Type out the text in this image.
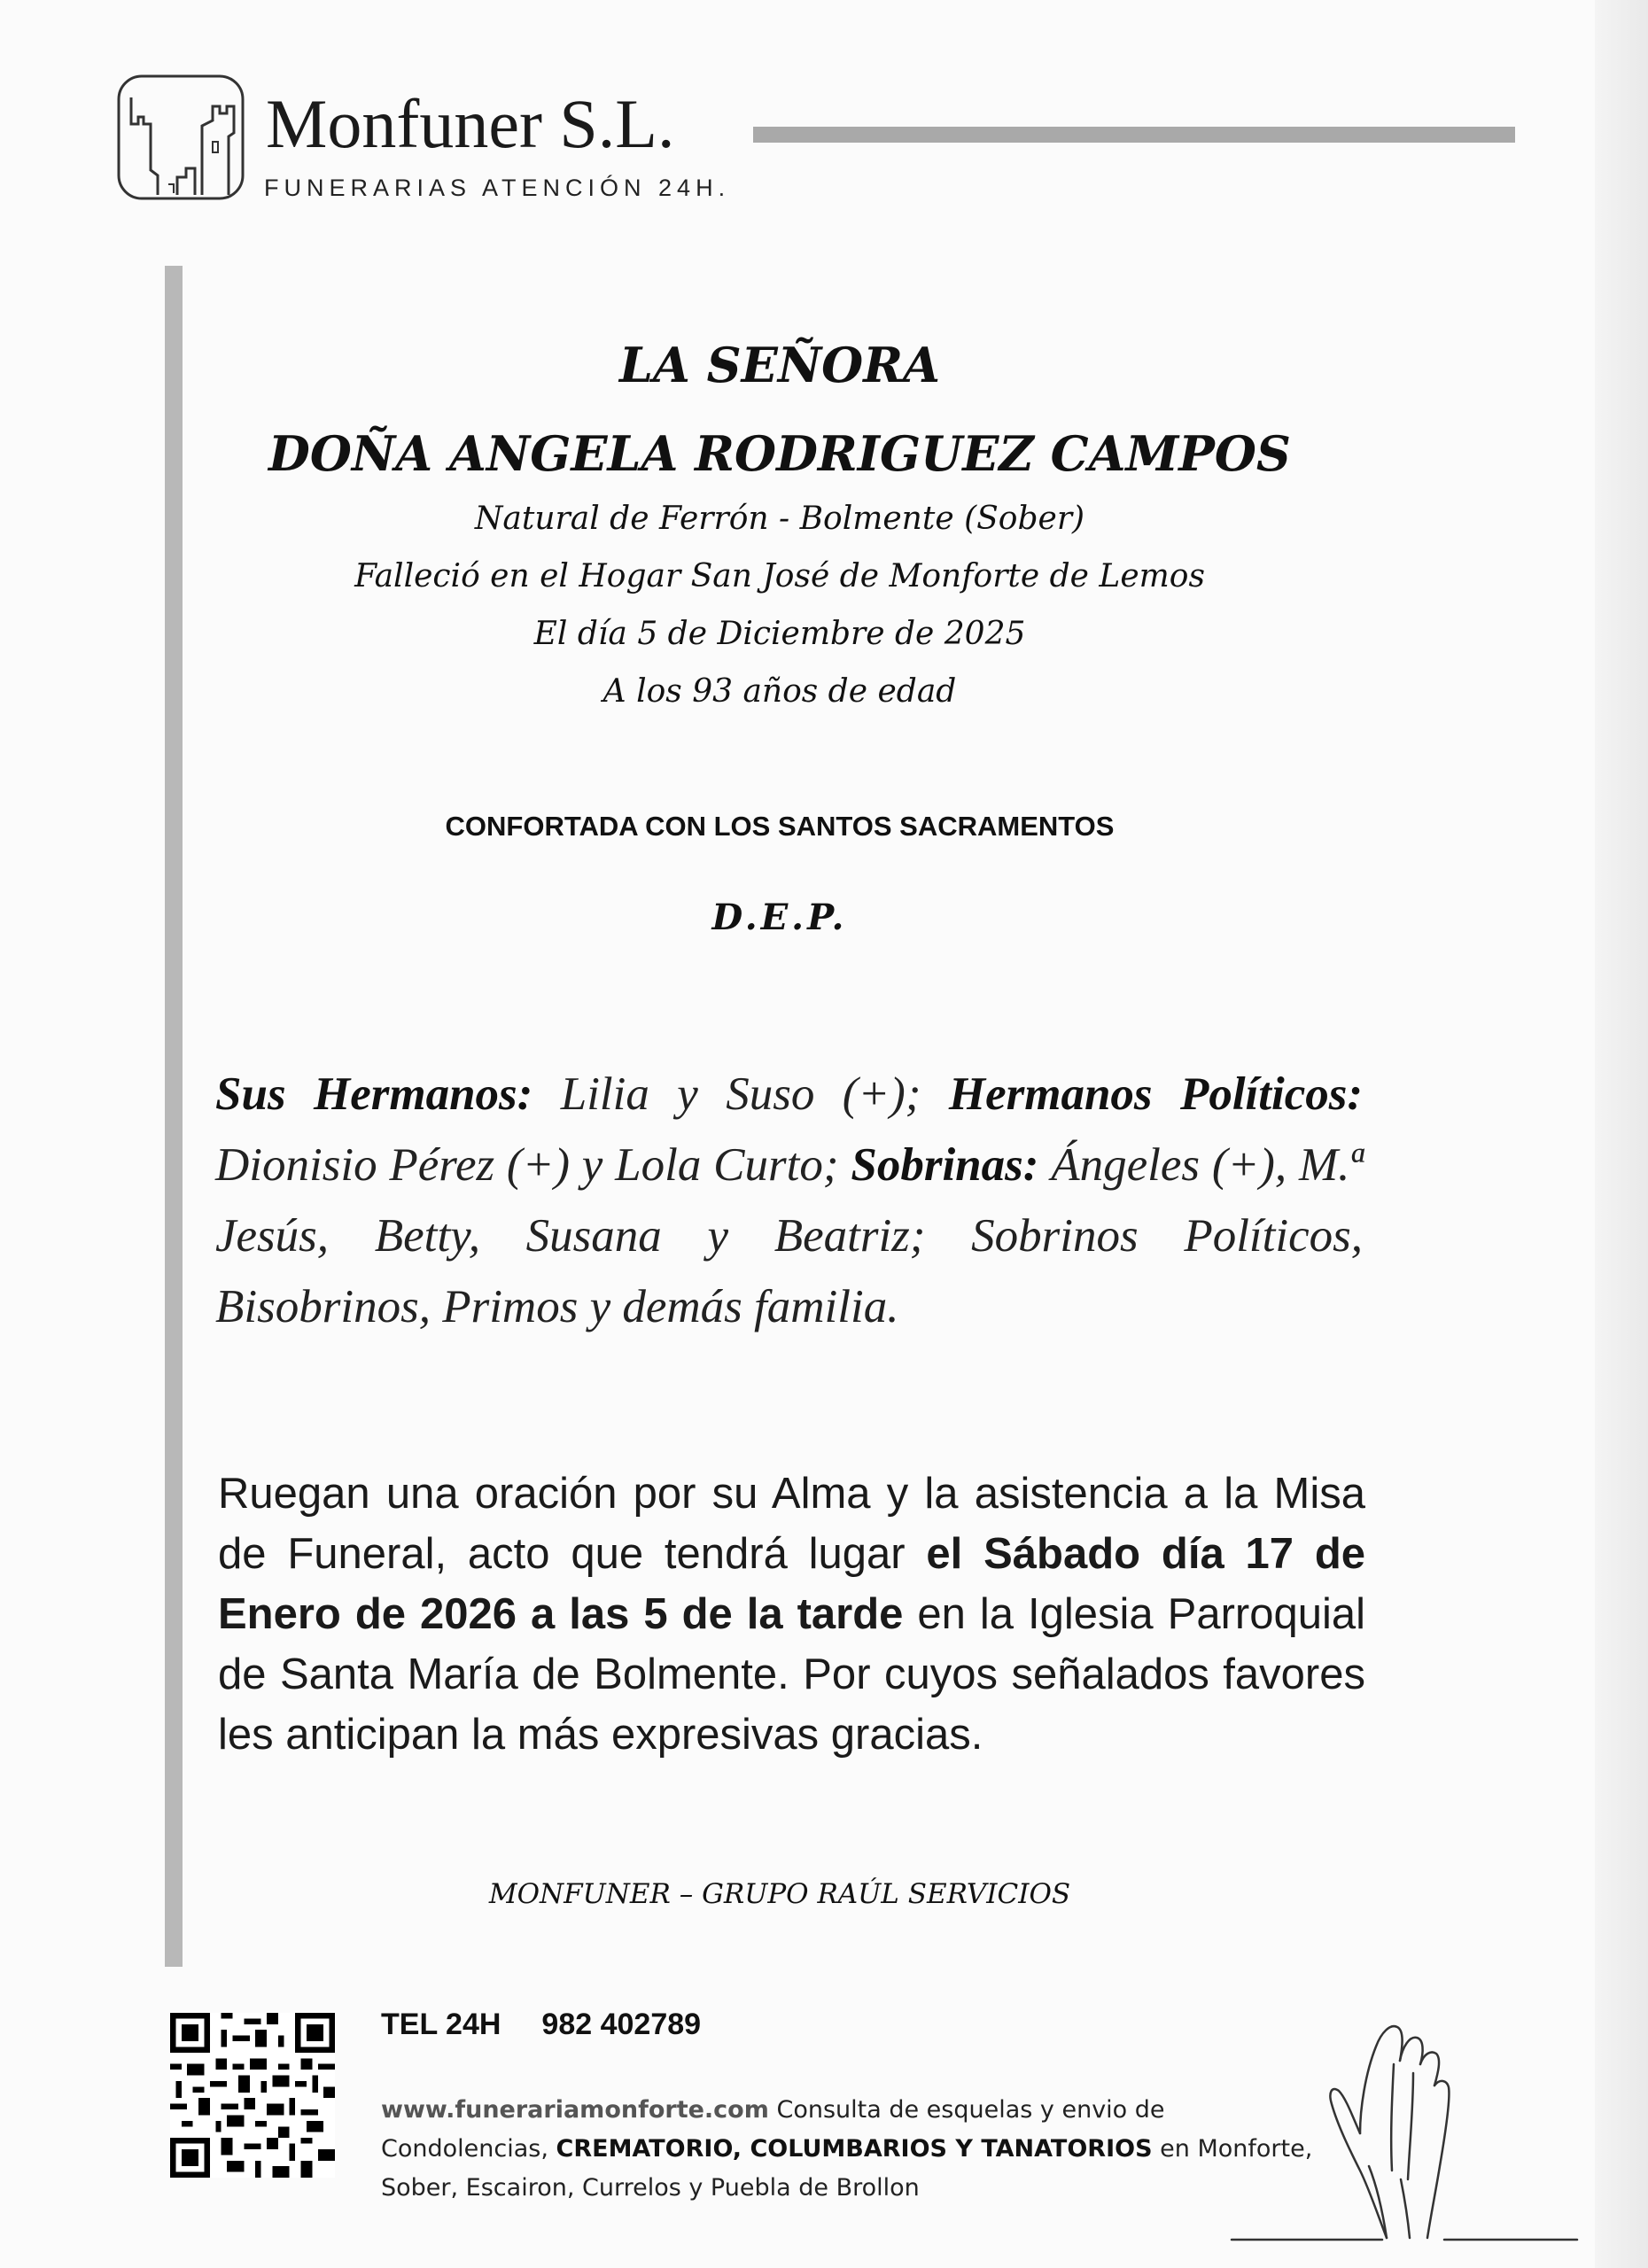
Monfuner S.L.
FUNERARIAS ATENCIÓN 24H.
LA SEÑORA
DOÑA ANGELA RODRIGUEZ CAMPOS
Natural de Ferrón - Bolmente (Sober)
Falleció en el Hogar San José de Monforte de Lemos
El día 5 de Diciembre de 2025
A los 93 años de edad
CONFORTADA CON LOS SANTOS SACRAMENTOS
D.E.P.
Sus Hermanos: Lilia y Suso (+); Hermanos Políticos: Dionisio Pérez (+) y Lola Curto; Sobrinas: Ángeles (+), M.ª Jesús, Betty, Susana y Beatriz; Sobrinos Políticos, Bisobrinos, Primos y demás familia.
Ruegan una oración por su Alma y la asistencia a la Misa de Funeral, acto que tendrá lugar el Sábado día 17 de Enero de 2026 a las 5 de la tarde en la Iglesia Parroquial de Santa María de Bolmente. Por cuyos señalados favores les anticipan la más expresivas gracias.
MONFUNER – GRUPO RAÚL SERVICIOS
TEL 24H 982 402789
www.funerariamonforte.com Consulta de esquelas y envio de Condolencias, CREMATORIO, COLUMBARIOS Y TANATORIOS en Monforte, Sober, Escairon, Currelos y Puebla de Brollon
